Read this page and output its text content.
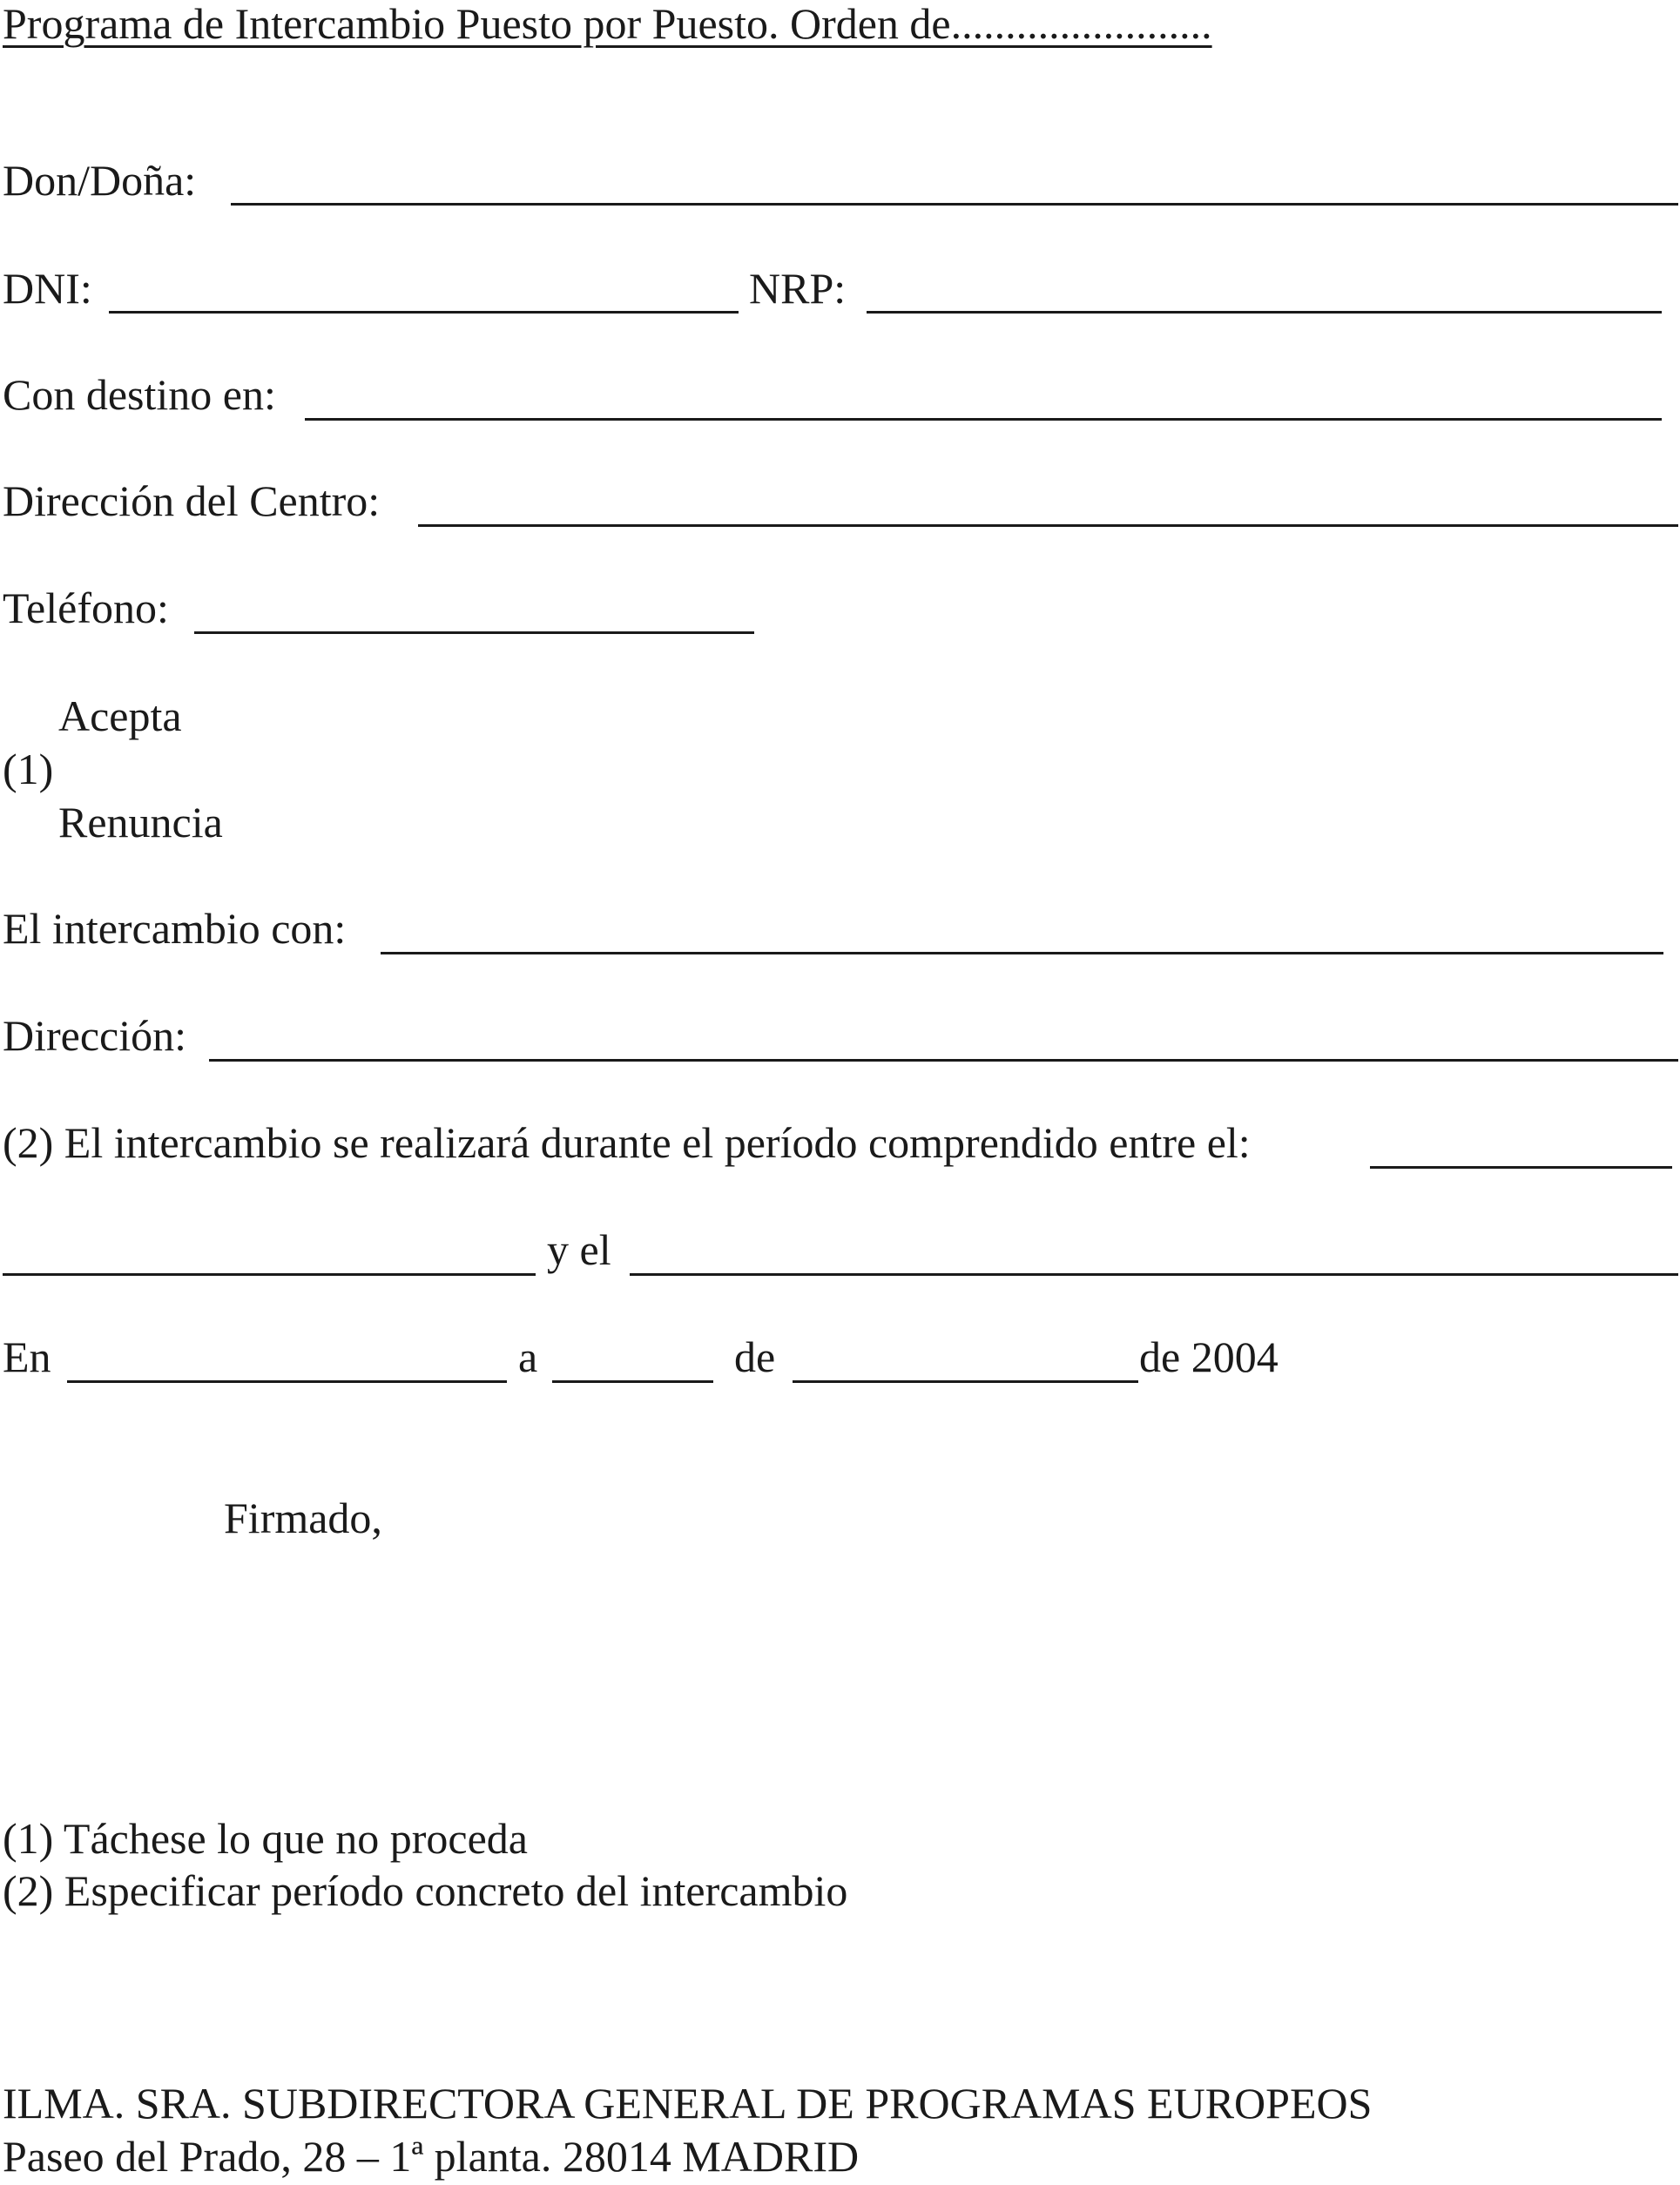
Programa de Intercambio Puesto por Puesto. Orden de........................
Don/Doña:
DNI:	NRP:
Con destino en:
Dirección del Centro:
Teléfono:
Acepta
(1)
Renuncia
El intercambio con:
Dirección:
(2) El intercambio se realizará durante el período comprendido entre el:
y el
En	a	de	de 2004
Firmado,
(1) Táchese lo que no proceda
(2) Especificar período concreto del intercambio
ILMA. SRA. SUBDIRECTORA GENERAL DE PROGRAMAS EUROPEOS
Paseo del Prado, 28 – 1ª planta. 28014 MADRID
